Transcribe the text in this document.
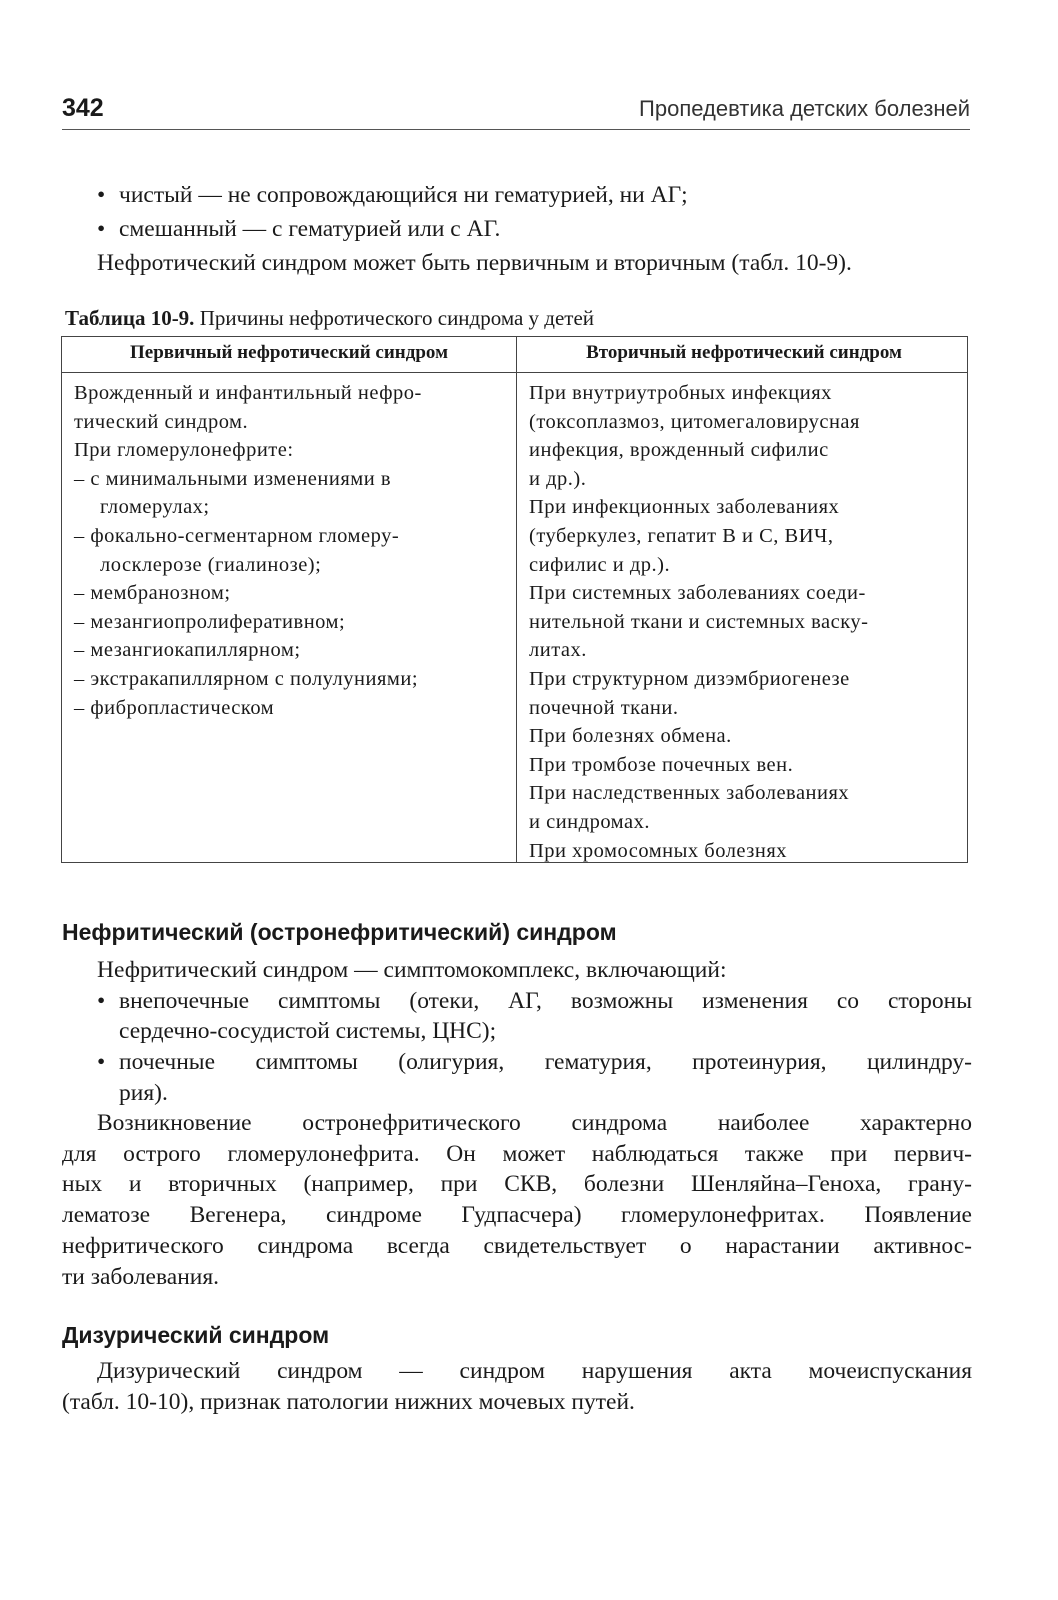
342	Пропедевтика детских болезней
• чистый — не сопровождающийся ни гематурией, ни АГ;
• смешанный — с гематурией или с АГ.
Нефротический синдром может быть первичным и вторичным (табл. 10-9).
Таблица 10-9. Причины нефротического синдрома у детей
Первичный нефротический синдром	Вторичный нефротический синдром
Врожденный и инфантильный нефро-
тический синдром.
При гломерулонефрите:
– с минимальными изменениями в
гломерулах;
– фокально-сегментарном гломеру-
лосклерозе (гиалинозе);
– мембранозном;
– мезангиопролиферативном;
– мезангиокапиллярном;
– экстракапиллярном с полулуниями;
– фибропластическом
При внутриутробных инфекциях
(токсоплазмоз, цитомегаловирусная
инфекция, врожденный сифилис
и др.).
При инфекционных заболеваниях
(туберкулез, гепатит В и С, ВИЧ,
сифилис и др.).
При системных заболеваниях соеди-
нительной ткани и системных васку-
литах.
При структурном дизэмбриогенезе
почечной ткани.
При болезнях обмена.
При тромбозе почечных вен.
При наследственных заболеваниях
и синдромах.
При хромосомных болезнях
Нефритический (остронефритический) синдром
Нефритический синдром — симптомокомплекс, включающий:
• внепочечные симптомы (отеки, АГ, возможны изменения со стороны
сердечно-сосудистой системы, ЦНС);
• почечные симптомы (олигурия, гематурия, протеинурия, цилиндру-
рия).
Возникновение остронефритического синдрома наиболее характерно
для острого гломерулонефрита. Он может наблюдаться также при первич-
ных и вторичных (например, при СКВ, болезни Шенляйна–Геноха, грану-
лематозе Вегенера, синдроме Гудпасчера) гломерулонефритах. Появление
нефритического синдрома всегда свидетельствует о нарастании активнос-
ти заболевания.
Дизурический синдром
Дизурический синдром — синдром нарушения акта мочеиспускания
(табл. 10-10), признак патологии нижних мочевых путей.
